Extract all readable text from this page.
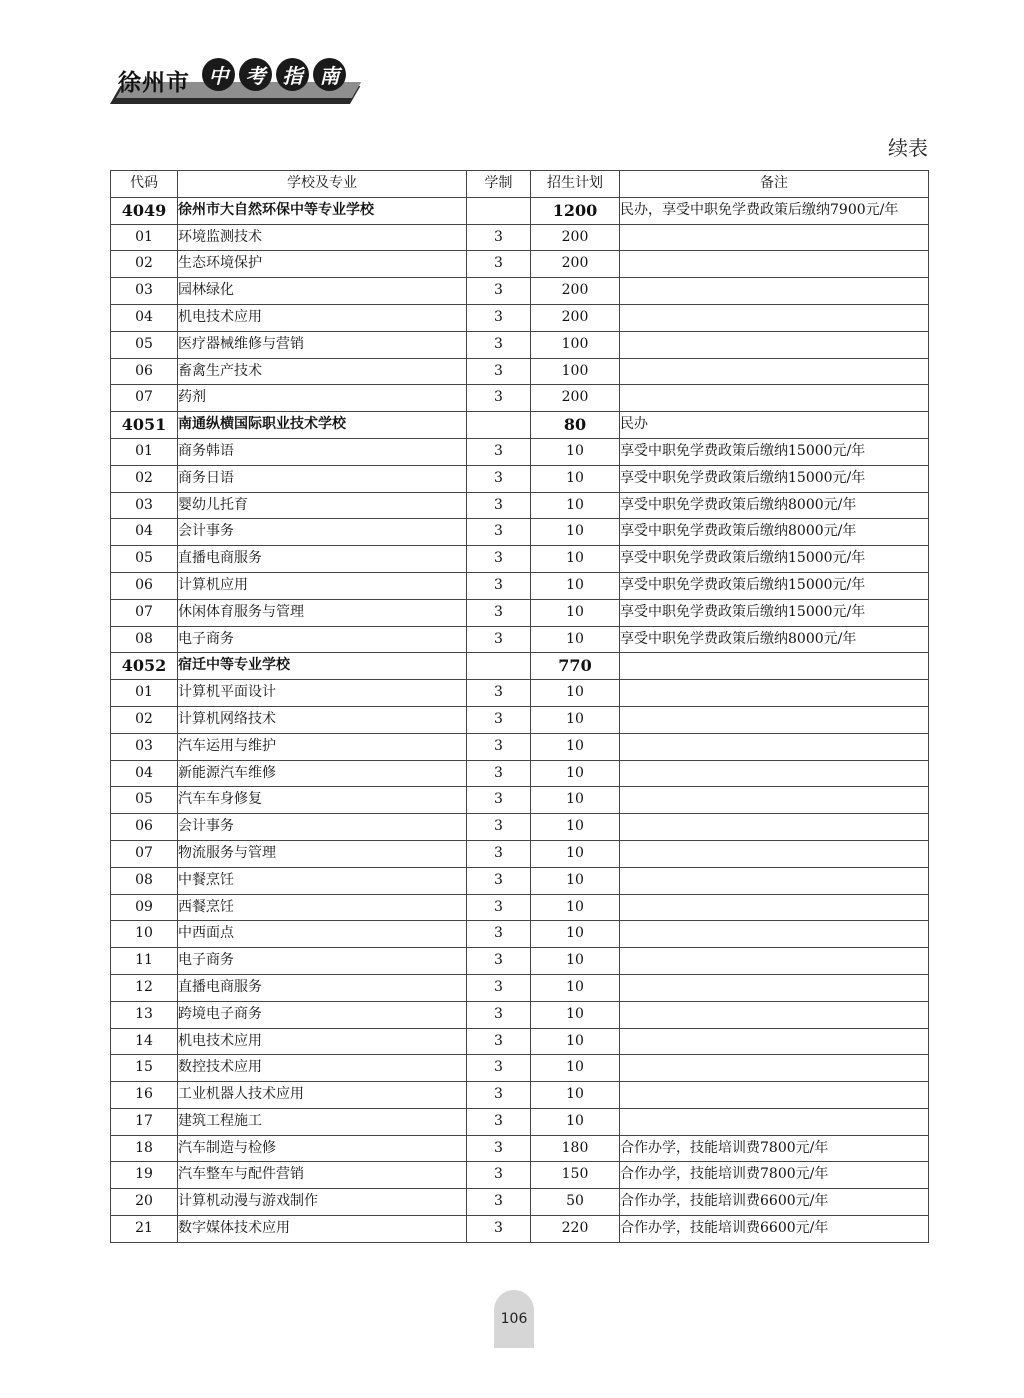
徐州市 中 考 指 南
续表
代码	学校及专业	学制	招生计划	备注
4049	徐州市大自然环保中等专业学校		1200	民办，享受中职免学费政策后缴纳7900元/年
01	环境监测技术	3	200	
02	生态环境保护	3	200	
03	园林绿化	3	200	
04	机电技术应用	3	200	
05	医疗器械维修与营销	3	100	
06	畜禽生产技术	3	100	
07	药剂	3	200	
4051	南通纵横国际职业技术学校		80	民办
01	商务韩语	3	10	享受中职免学费政策后缴纳15000元/年
02	商务日语	3	10	享受中职免学费政策后缴纳15000元/年
03	婴幼儿托育	3	10	享受中职免学费政策后缴纳8000元/年
04	会计事务	3	10	享受中职免学费政策后缴纳8000元/年
05	直播电商服务	3	10	享受中职免学费政策后缴纳15000元/年
06	计算机应用	3	10	享受中职免学费政策后缴纳15000元/年
07	休闲体育服务与管理	3	10	享受中职免学费政策后缴纳15000元/年
08	电子商务	3	10	享受中职免学费政策后缴纳8000元/年
4052	宿迁中等专业学校		770	
01	计算机平面设计	3	10	
02	计算机网络技术	3	10	
03	汽车运用与维护	3	10	
04	新能源汽车维修	3	10	
05	汽车车身修复	3	10	
06	会计事务	3	10	
07	物流服务与管理	3	10	
08	中餐烹饪	3	10	
09	西餐烹饪	3	10	
10	中西面点	3	10	
11	电子商务	3	10	
12	直播电商服务	3	10	
13	跨境电子商务	3	10	
14	机电技术应用	3	10	
15	数控技术应用	3	10	
16	工业机器人技术应用	3	10	
17	建筑工程施工	3	10	
18	汽车制造与检修	3	180	合作办学，技能培训费7800元/年
19	汽车整车与配件营销	3	150	合作办学，技能培训费7800元/年
20	计算机动漫与游戏制作	3	50	合作办学，技能培训费6600元/年
21	数字媒体技术应用	3	220	合作办学，技能培训费6600元/年
106
